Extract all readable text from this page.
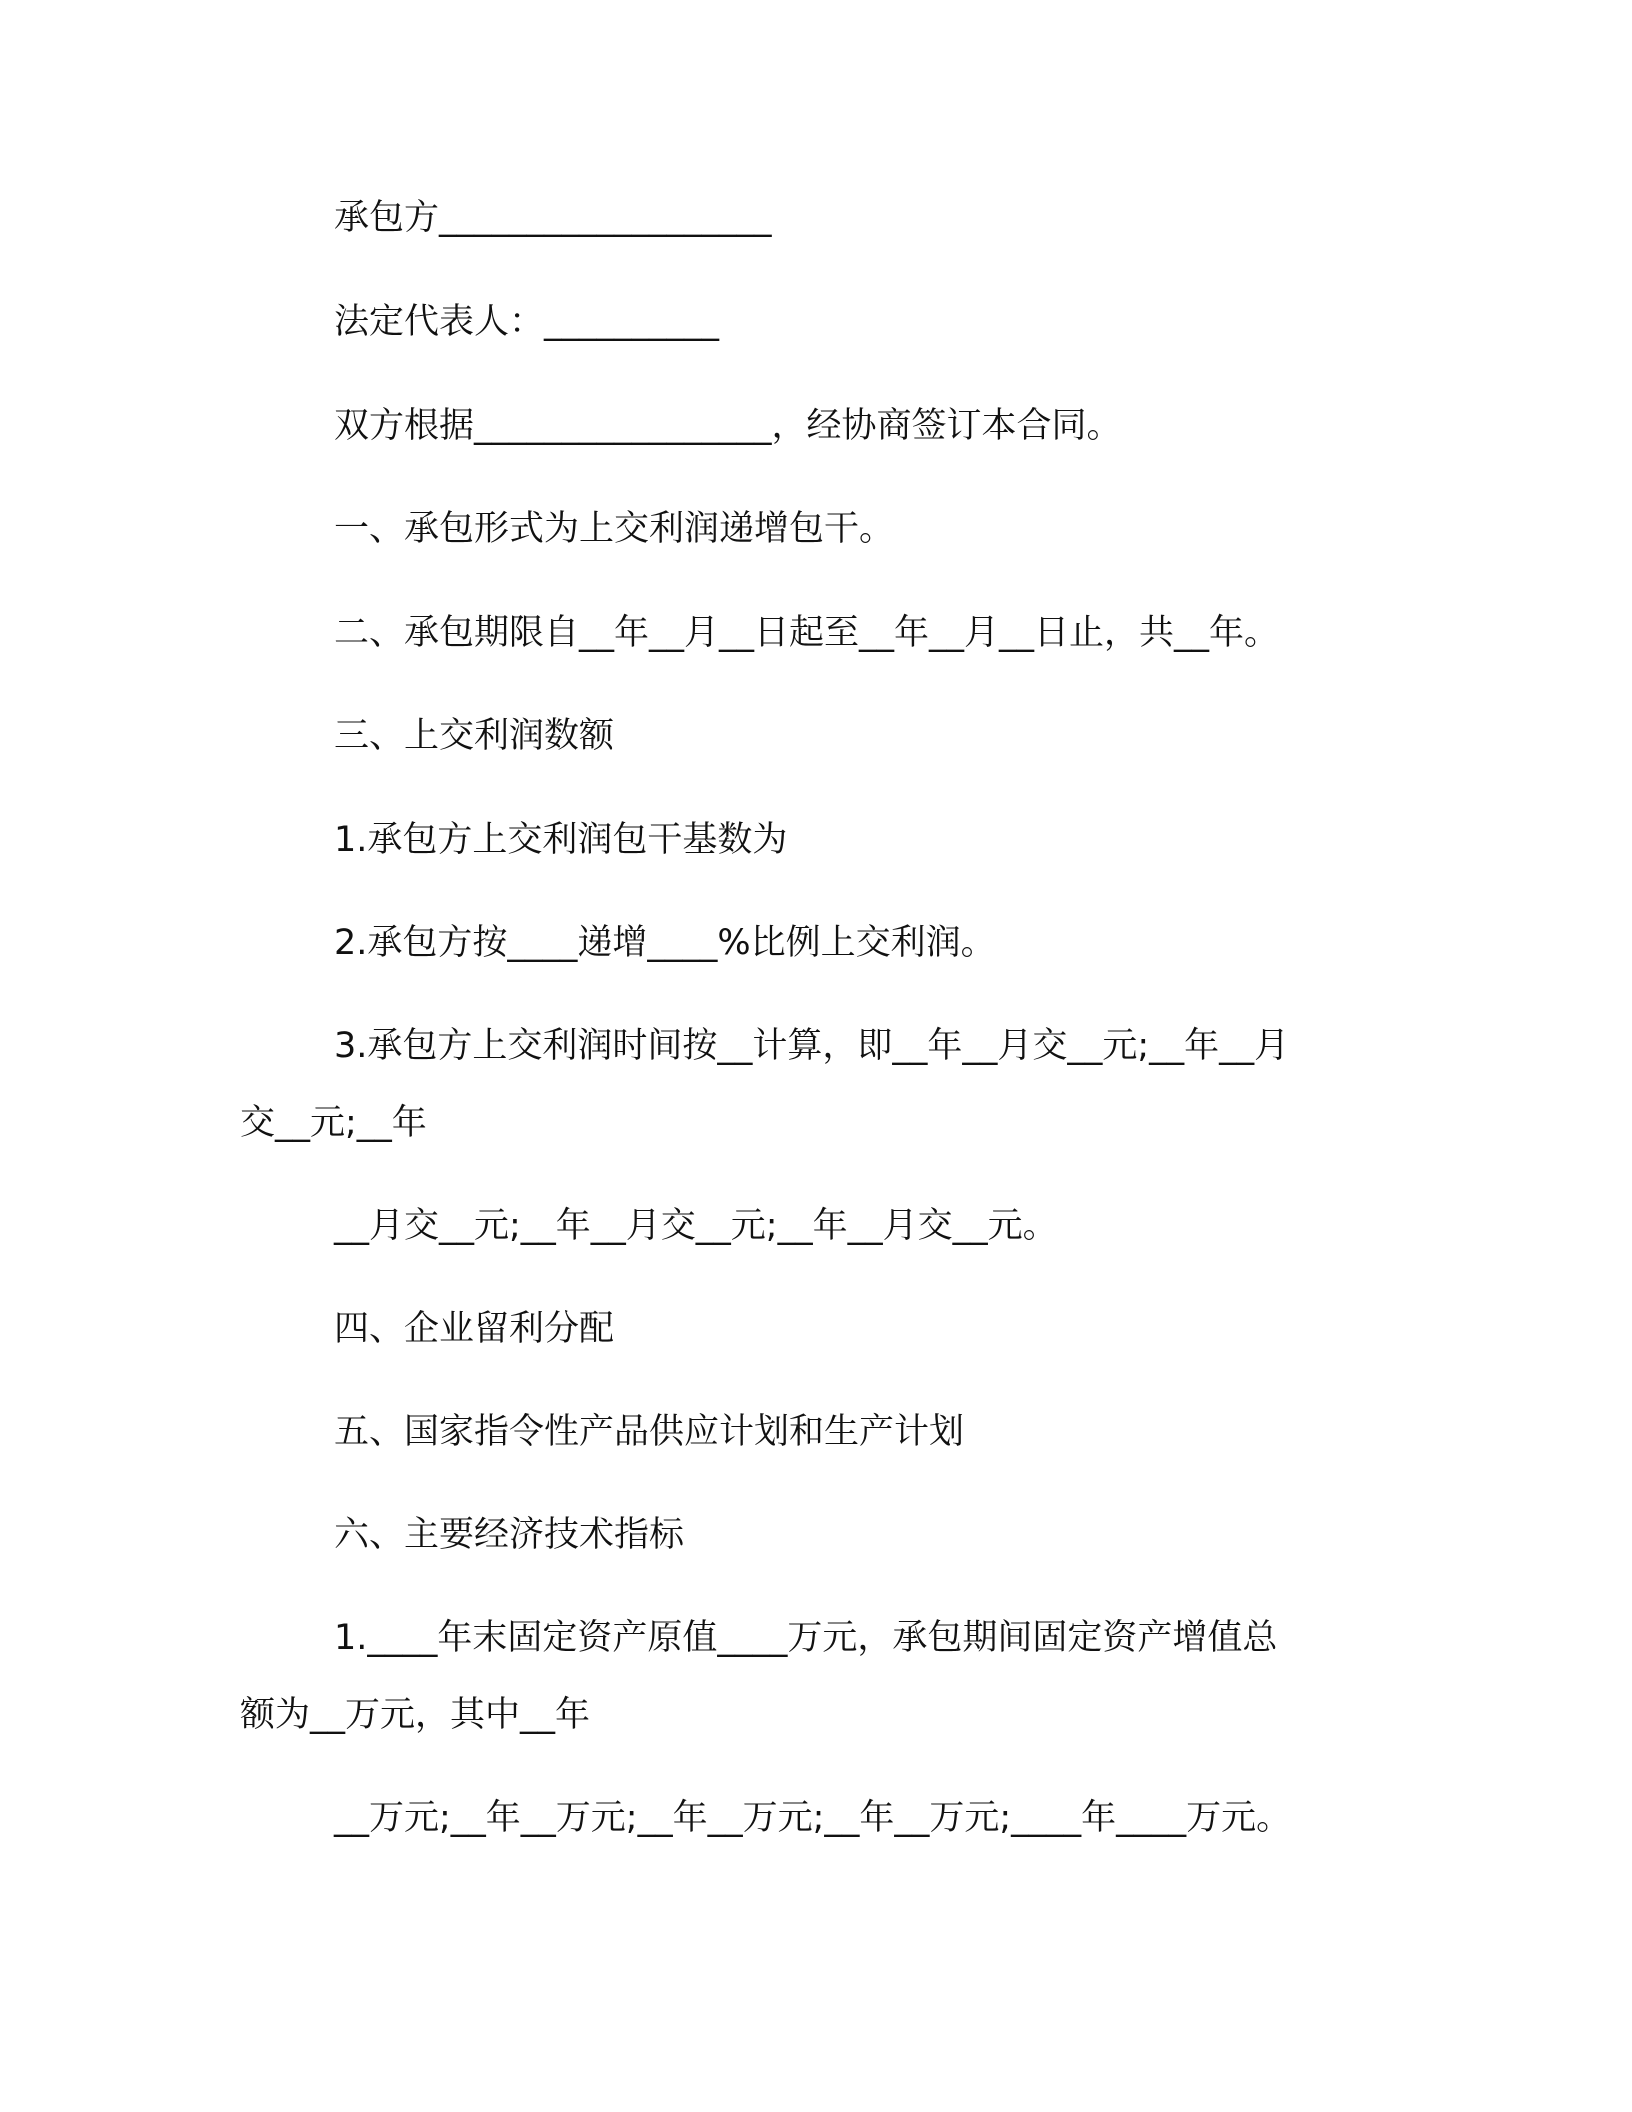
承包方___________________
法定代表人：__________
双方根据_________________，经协商签订本合同。
一、承包形式为上交利润递增包干。
二、承包期限自__年__月__日起至__年__月__日止，共__年。
三、上交利润数额
1.承包方上交利润包干基数为
2.承包方按____递增____%比例上交利润。
3.承包方上交利润时间按__计算，即__年__月交__元;__年__月
交__元;__年
__月交__元;__年__月交__元;__年__月交__元。
四、企业留利分配
五、国家指令性产品供应计划和生产计划
六、主要经济技术指标
1.____年末固定资产原值____万元，承包期间固定资产增值总
额为__万元，其中__年
__万元;__年__万元;__年__万元;__年__万元;____年____万元。
